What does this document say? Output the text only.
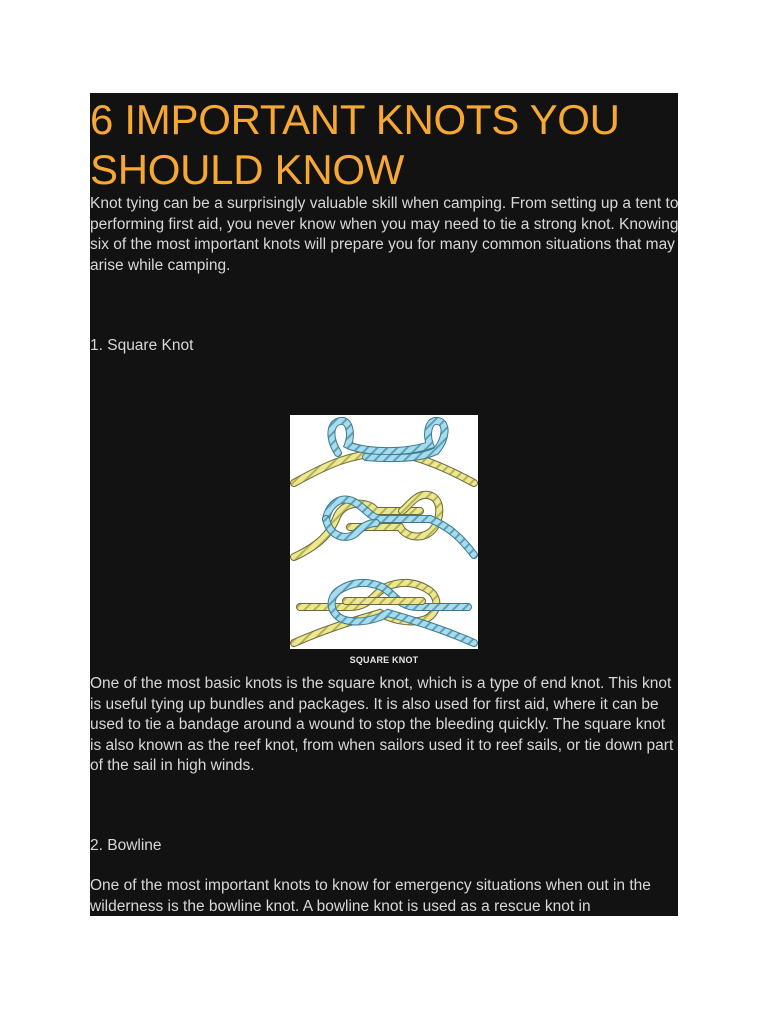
6 IMPORTANT KNOTS YOU SHOULD KNOW

Knot tying can be a surprisingly valuable skill when camping. From setting up a tent to performing first aid, you never know when you may need to tie a strong knot. Knowing six of the most important knots will prepare you for many common situations that may arise while camping.

1. Square Knot

SQUARE KNOT

One of the most basic knots is the square knot, which is a type of end knot. This knot is useful tying up bundles and packages. It is also used for first aid, where it can be used to tie a bandage around a wound to stop the bleeding quickly. The square knot is also known as the reef knot, from when sailors used it to reef sails, or tie down part of the sail in high winds.

2. Bowline

One of the most important knots to know for emergency situations when out in the wilderness is the bowline knot. A bowline knot is used as a rescue knot in
